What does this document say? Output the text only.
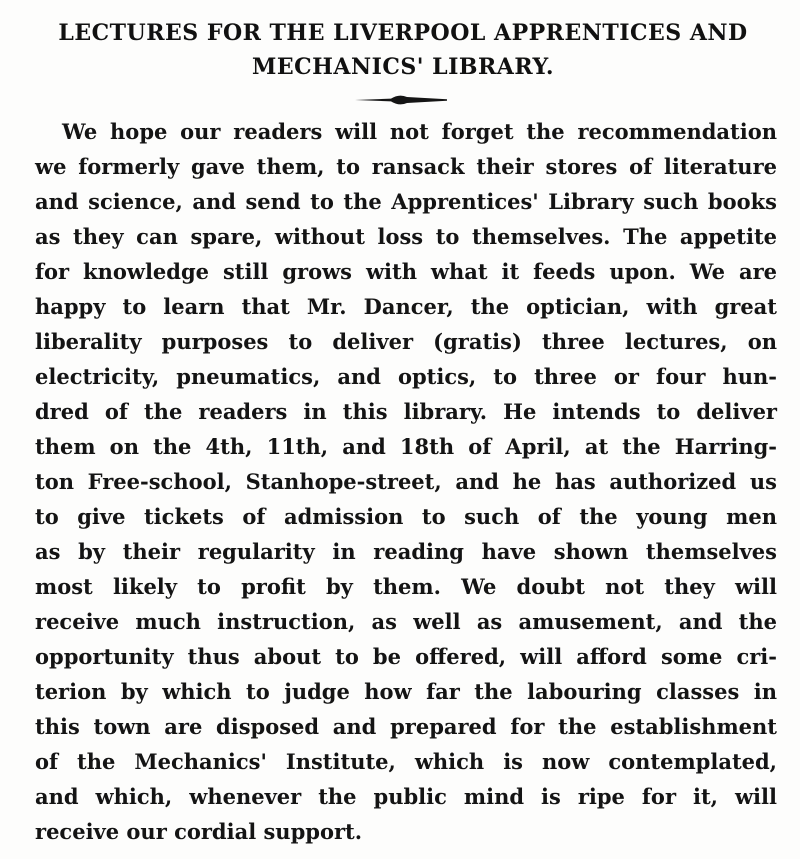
LECTURES FOR THE LIVERPOOL APPRENTICES AND
MECHANICS' LIBRARY.

We hope our readers will not forget the recommendation

we formerly gave them, to ransack their stores of literature

and science, and send to the Apprentices' Library such books

as they can spare, without loss to themselves. The appetite

for knowledge still grows with what it feeds upon. We are

happy to learn that Mr. Dancer, the optician, with great

liberality purposes to deliver (gratis) three lectures, on

electricity, pneumatics, and optics, to three or four hun-

dred of the readers in this library. He intends to deliver

them on the 4th, 11th, and 18th of April, at the Harring-

ton Free-school, Stanhope-street, and he has authorized us

to give tickets of admission to such of the young men

as by their regularity in reading have shown themselves

most likely to profit by them. We doubt not they will

receive much instruction, as well as amusement, and the

opportunity thus about to be offered, will afford some cri-

terion by which to judge how far the labouring classes in

this town are disposed and prepared for the establishment

of the Mechanics' Institute, which is now contemplated,

and which, whenever the public mind is ripe for it, will

receive our cordial support.
